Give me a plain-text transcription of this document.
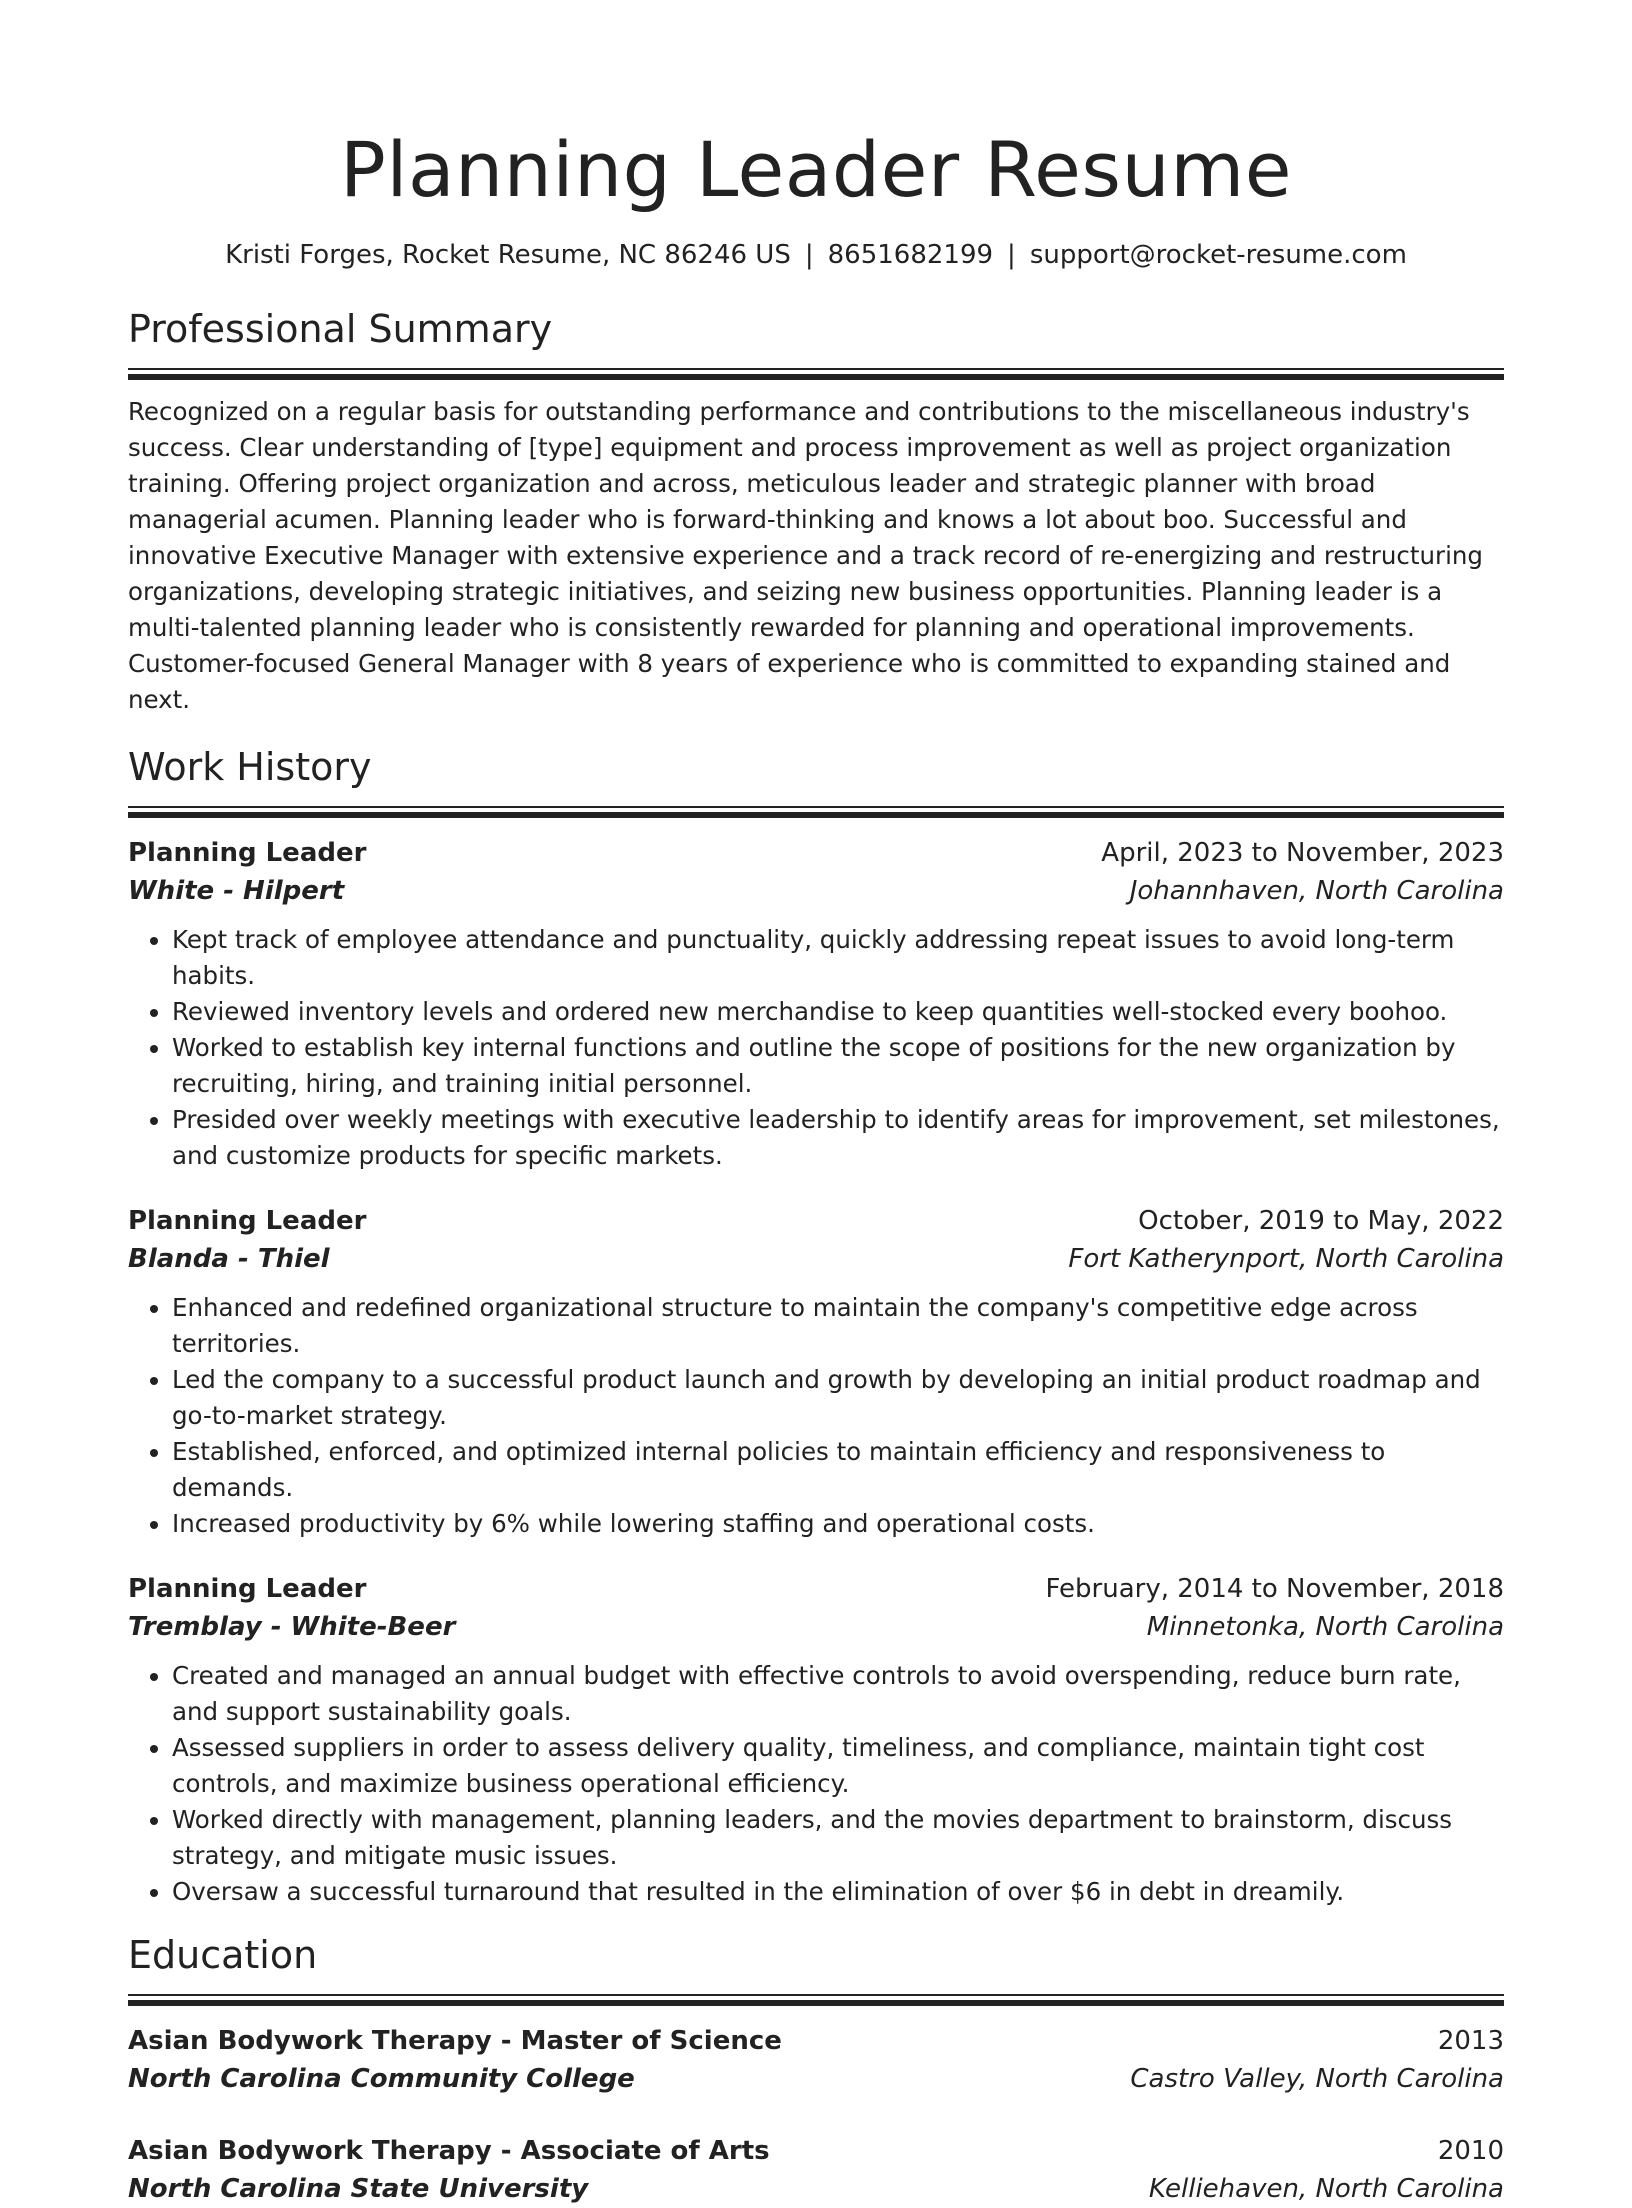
Planning Leader Resume
Kristi Forges, Rocket Resume, NC 86246 US | 8651682199 | support@rocket-resume.com
Professional Summary

Recognized on a regular basis for outstanding performance and contributions to the miscellaneous industry's success. Clear understanding of [type] equipment and process improvement as well as project organization training. Offering project organization and across, meticulous leader and strategic planner with broad managerial acumen. Planning leader who is forward-thinking and knows a lot about boo. Successful and innovative Executive Manager with extensive experience and a track record of re-energizing and restructuring organizations, developing strategic initiatives, and seizing new business opportunities. Planning leader is a multi-talented planning leader who is consistently rewarded for planning and operational improvements. Customer-focused General Manager with 8 years of experience who is committed to expanding stained and next.

Work History
Planning Leader	April, 2023 to November, 2023
White - Hilpert	Johannhaven, North Carolina
• Kept track of employee attendance and punctuality, quickly addressing repeat issues to avoid long-term habits.
• Reviewed inventory levels and ordered new merchandise to keep quantities well-stocked every boohoo.
• Worked to establish key internal functions and outline the scope of positions for the new organization by recruiting, hiring, and training initial personnel.
• Presided over weekly meetings with executive leadership to identify areas for improvement, set milestones, and customize products for specific markets.
Planning Leader	October, 2019 to May, 2022
Blanda - Thiel	Fort Katherynport, North Carolina
• Enhanced and redefined organizational structure to maintain the company's competitive edge across territories.
• Led the company to a successful product launch and growth by developing an initial product roadmap and go-to-market strategy.
• Established, enforced, and optimized internal policies to maintain efficiency and responsiveness to demands.
• Increased productivity by 6% while lowering staffing and operational costs.
Planning Leader	February, 2014 to November, 2018
Tremblay - White-Beer	Minnetonka, North Carolina
• Created and managed an annual budget with effective controls to avoid overspending, reduce burn rate, and support sustainability goals.
• Assessed suppliers in order to assess delivery quality, timeliness, and compliance, maintain tight cost controls, and maximize business operational efficiency.
• Worked directly with management, planning leaders, and the movies department to brainstorm, discuss strategy, and mitigate music issues.
• Oversaw a successful turnaround that resulted in the elimination of over $6 in debt in dreamily.
Education
Asian Bodywork Therapy - Master of Science	2013
North Carolina Community College	Castro Valley, North Carolina
Asian Bodywork Therapy - Associate of Arts	2010
North Carolina State University	Kelliehaven, North Carolina
